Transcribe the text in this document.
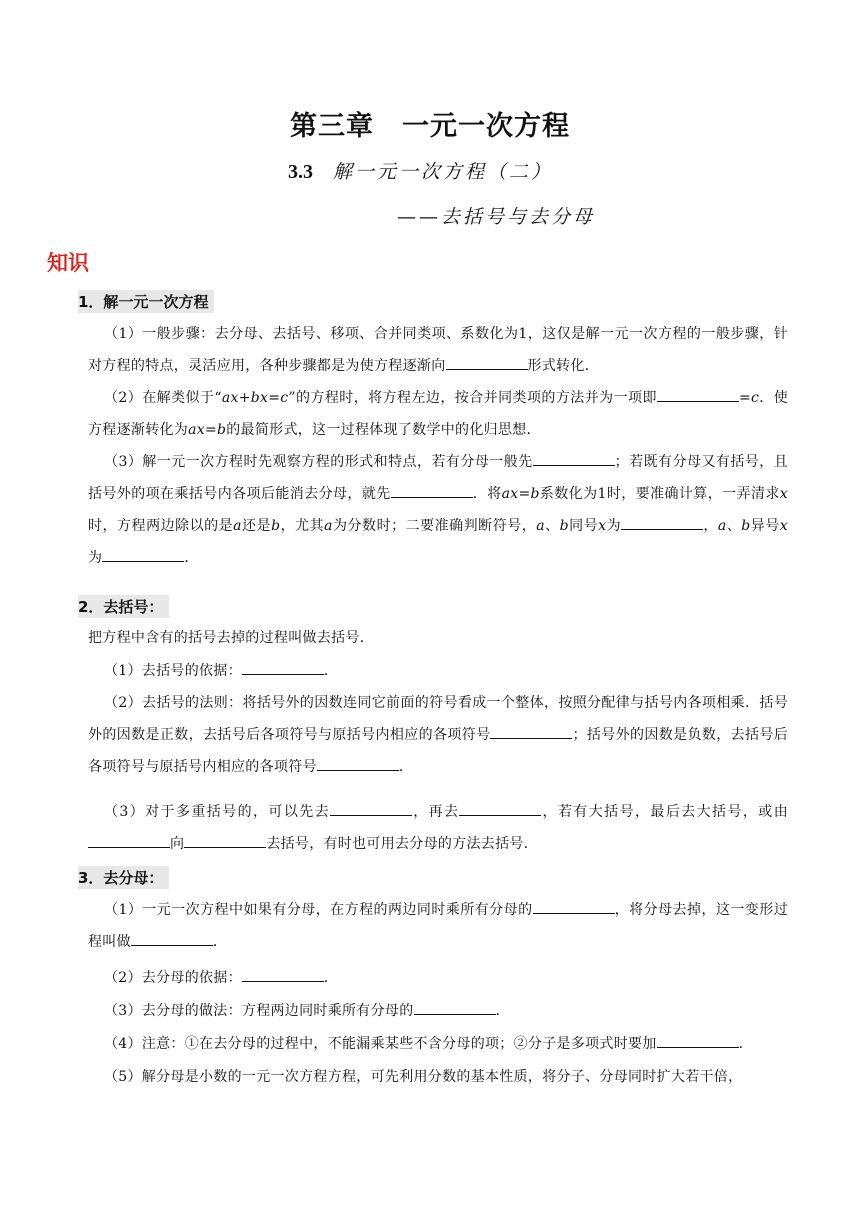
第三章　一元一次方程

3.3 解一元一次方程（二）

——去括号与去分母

知识
1．解一元一次方程

（1）一般步骤：去分母、去括号、移项、合并同类项、系数化为1，这仅是解一元一次方程的一般步骤，针对方程的特点，灵活应用，各种步骤都是为使方程逐渐向	形式转化．

（2）在解类似于“ax+bx=c”的方程时，将方程左边，按合并同类项的方法并为一项即	=c．使方程逐渐转化为ax=b的最简形式，这一过程体现了数学中的化归思想．

（3）解一元一次方程时先观察方程的形式和特点，若有分母一般先	；若既有分母又有括号，且括号外的项在乘括号内各项后能消去分母，就先	．将ax=b系数化为1时，要准确计算，一弄清求x时，方程两边除以的是a还是b，尤其a为分数时；二要准确判断符号，a、b同号x为	，a、b异号x为	．

2．去括号：

把方程中含有的括号去掉的过程叫做去括号．

（1）去括号的依据：	．

（2）去括号的法则：将括号外的因数连同它前面的符号看成一个整体，按照分配律与括号内各项相乘．括号外的因数是正数，去括号后各项符号与原括号内相应的各项符号	；括号外的因数是负数，去括号后各项符号与原括号内相应的各项符号	．

（3）对于多重括号的，可以先去	，再去	，若有大括号，最后去大括号，或由向	去括号，有时也可用去分母的方法去括号．

3．去分母：

（1）一元一次方程中如果有分母，在方程的两边同时乘所有分母的	，将分母去掉，这一变形过程叫做	．

（2）去分母的依据：	．

（3）去分母的做法：方程两边同时乘所有分母的	．

（4）注意：①在去分母的过程中，不能漏乘某些不含分母的项；②分子是多项式时要加	．

（5）解分母是小数的一元一次方程方程，可先利用分数的基本性质，将分子、分母同时扩大若干倍，
